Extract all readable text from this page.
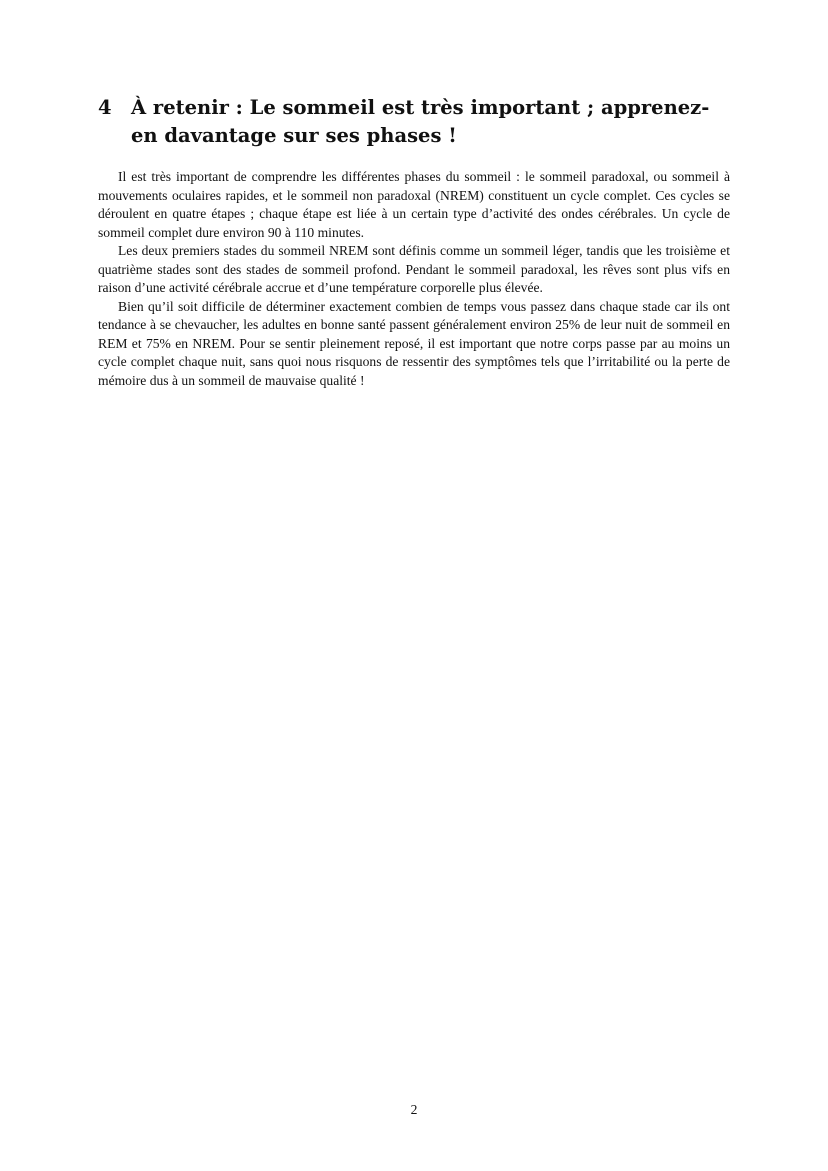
4 À retenir : Le sommeil est très important ; apprenez-en davantage sur ses phases !

Il est très important de comprendre les différentes phases du sommeil : le sommeil paradoxal, ou sommeil à mouvements oculaires rapides, et le sommeil non paradoxal (NREM) constituent un cycle complet. Ces cycles se déroulent en quatre étapes ; chaque étape est liée à un certain type d’activité des ondes cérébrales. Un cycle de sommeil complet dure environ 90 à 110 minutes.

Les deux premiers stades du sommeil NREM sont définis comme un sommeil léger, tandis que les troisième et quatrième stades sont des stades de sommeil profond. Pendant le sommeil paradoxal, les rêves sont plus vifs en raison d’une activité cérébrale accrue et d’une température corporelle plus élevée.

Bien qu’il soit difficile de déterminer exactement combien de temps vous passez dans chaque stade car ils ont tendance à se chevaucher, les adultes en bonne santé passent généralement environ 25% de leur nuit de sommeil en REM et 75% en NREM. Pour se sentir pleinement reposé, il est important que notre corps passe par au moins un cycle complet chaque nuit, sans quoi nous risquons de ressentir des symptômes tels que l’irritabilité ou la perte de mémoire dus à un sommeil de mauvaise qualité !

2
